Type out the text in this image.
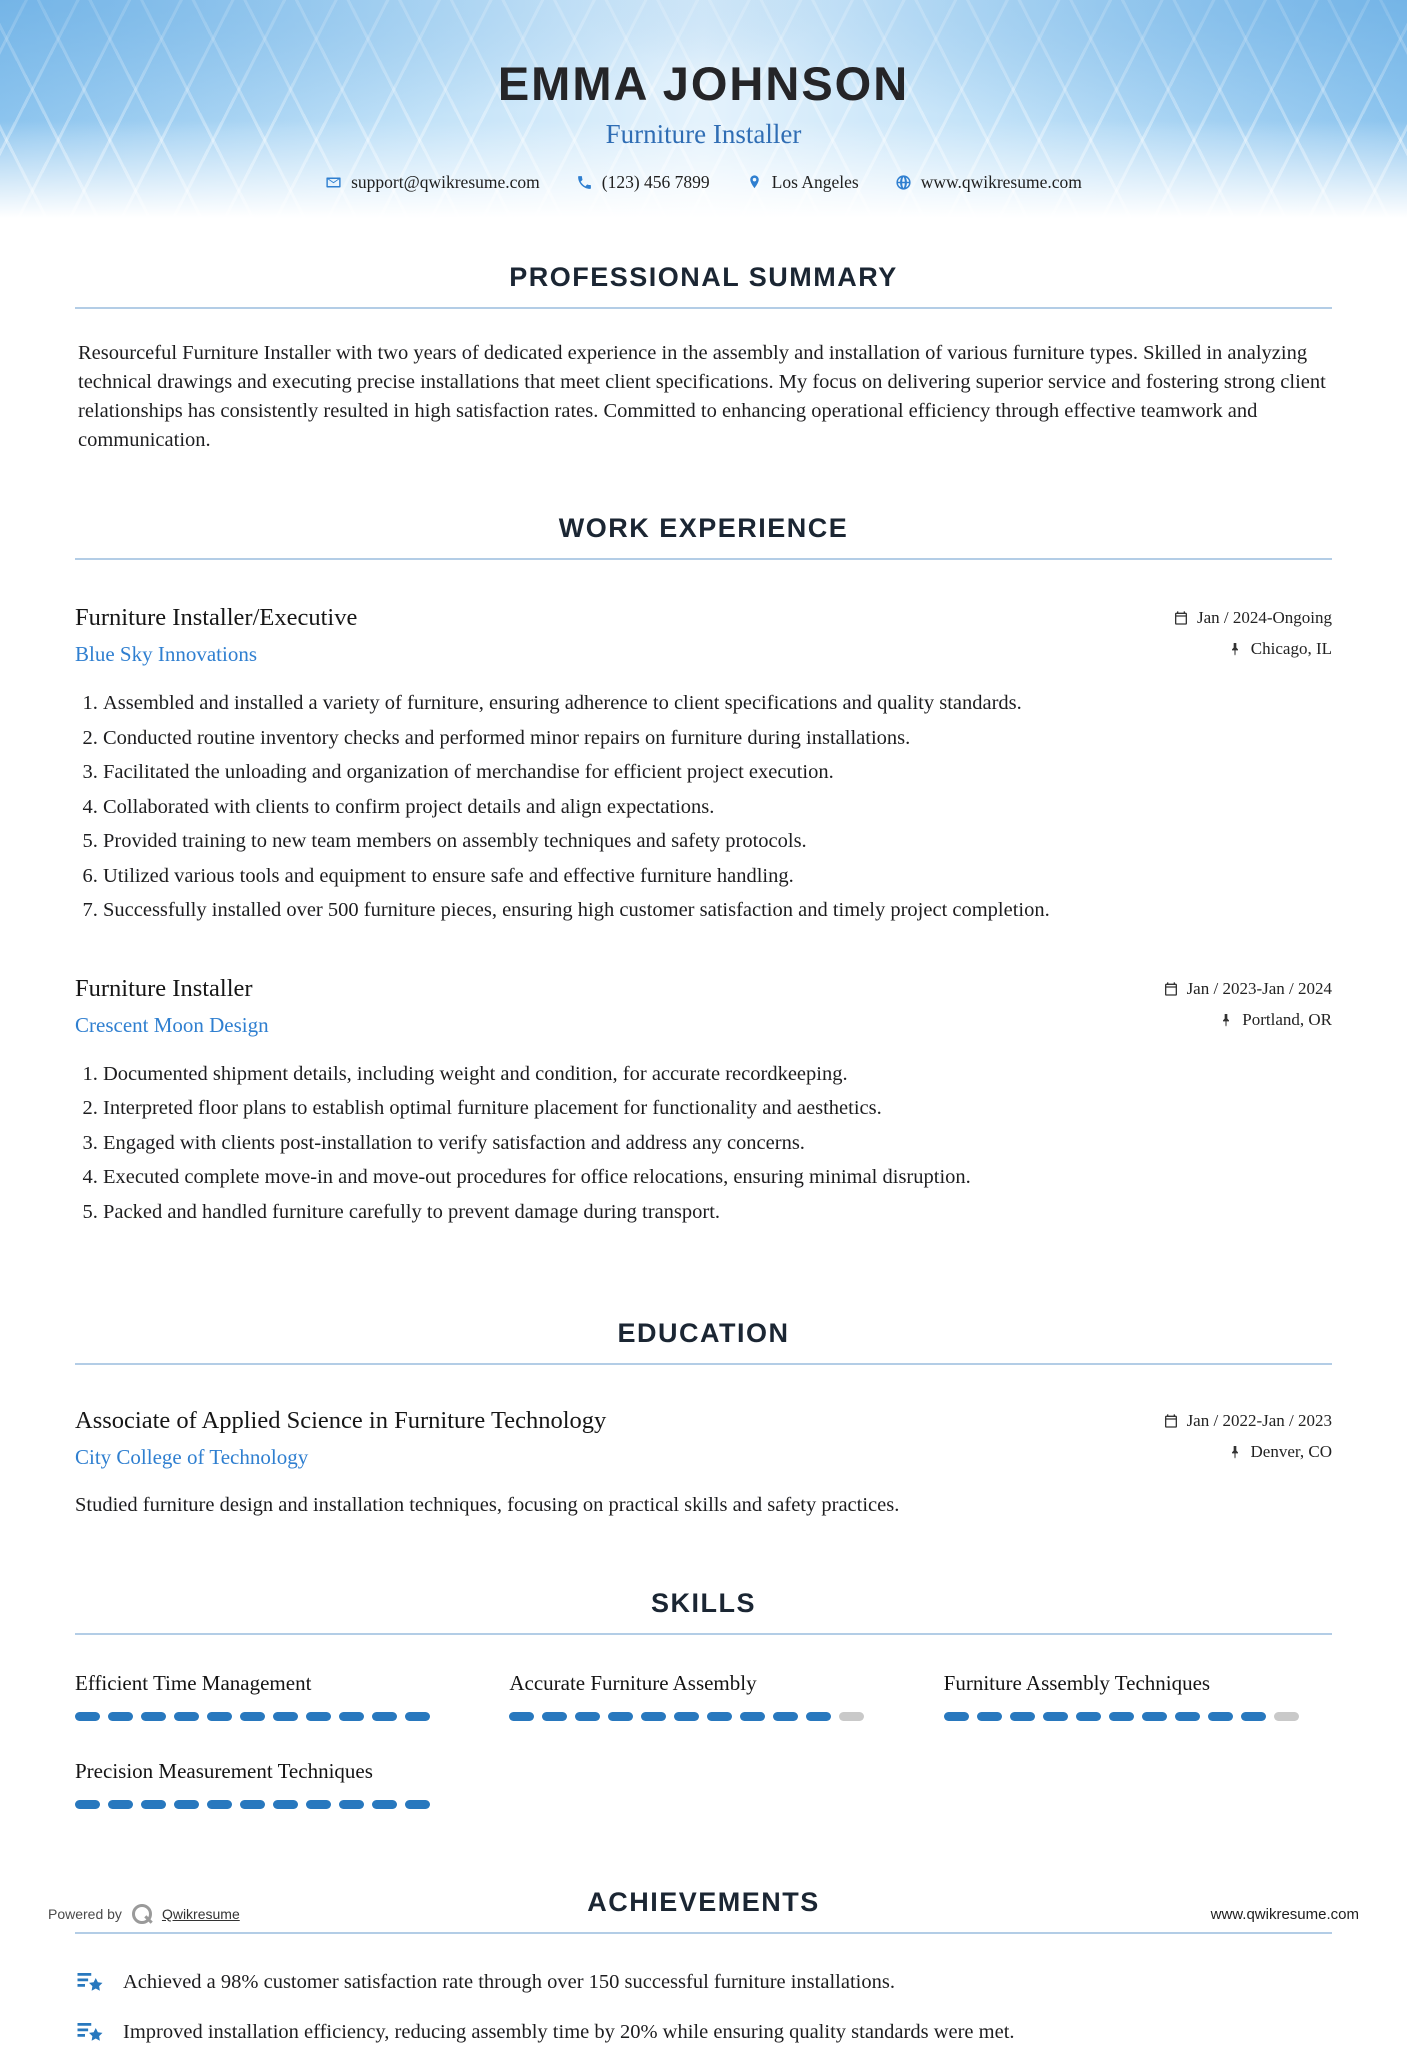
EMMA JOHNSON
Furniture Installer
support@qwikresume.com	(123) 456 7899	Los Angeles	www.qwikresume.com
PROFESSIONAL SUMMARY

Resourceful Furniture Installer with two years of dedicated experience in the assembly and installation of various furniture types. Skilled in analyzing technical drawings and executing precise installations that meet client specifications. My focus on delivering superior service and fostering strong client relationships has consistently resulted in high satisfaction rates. Committed to enhancing operational efficiency through effective teamwork and communication.

WORK EXPERIENCE
Furniture Installer/Executive
Blue Sky Innovations
Jan / 2024-Ongoing
Chicago, IL
1. Assembled and installed a variety of furniture, ensuring adherence to client specifications and quality standards.
2. Conducted routine inventory checks and performed minor repairs on furniture during installations.
3. Facilitated the unloading and organization of merchandise for efficient project execution.
4. Collaborated with clients to confirm project details and align expectations.
5. Provided training to new team members on assembly techniques and safety protocols.
6. Utilized various tools and equipment to ensure safe and effective furniture handling.
7. Successfully installed over 500 furniture pieces, ensuring high customer satisfaction and timely project completion.
Furniture Installer
Crescent Moon Design
Jan / 2023-Jan / 2024
Portland, OR
1. Documented shipment details, including weight and condition, for accurate recordkeeping.
2. Interpreted floor plans to establish optimal furniture placement for functionality and aesthetics.
3. Engaged with clients post-installation to verify satisfaction and address any concerns.
4. Executed complete move-in and move-out procedures for office relocations, ensuring minimal disruption.
5. Packed and handled furniture carefully to prevent damage during transport.
EDUCATION
Associate of Applied Science in Furniture Technology
City College of Technology
Jan / 2022-Jan / 2023
Denver, CO

Studied furniture design and installation techniques, focusing on practical skills and safety practices.

SKILLS
Efficient Time Management	Accurate Furniture Assembly	Furniture Assembly Techniques
Precision Measurement Techniques
ACHIEVEMENTS
Achieved a 98% customer satisfaction rate through over 150 successful furniture installations.
Improved installation efficiency, reducing assembly time by 20% while ensuring quality standards were met.
Powered by	Qwikresume	www.qwikresume.com
